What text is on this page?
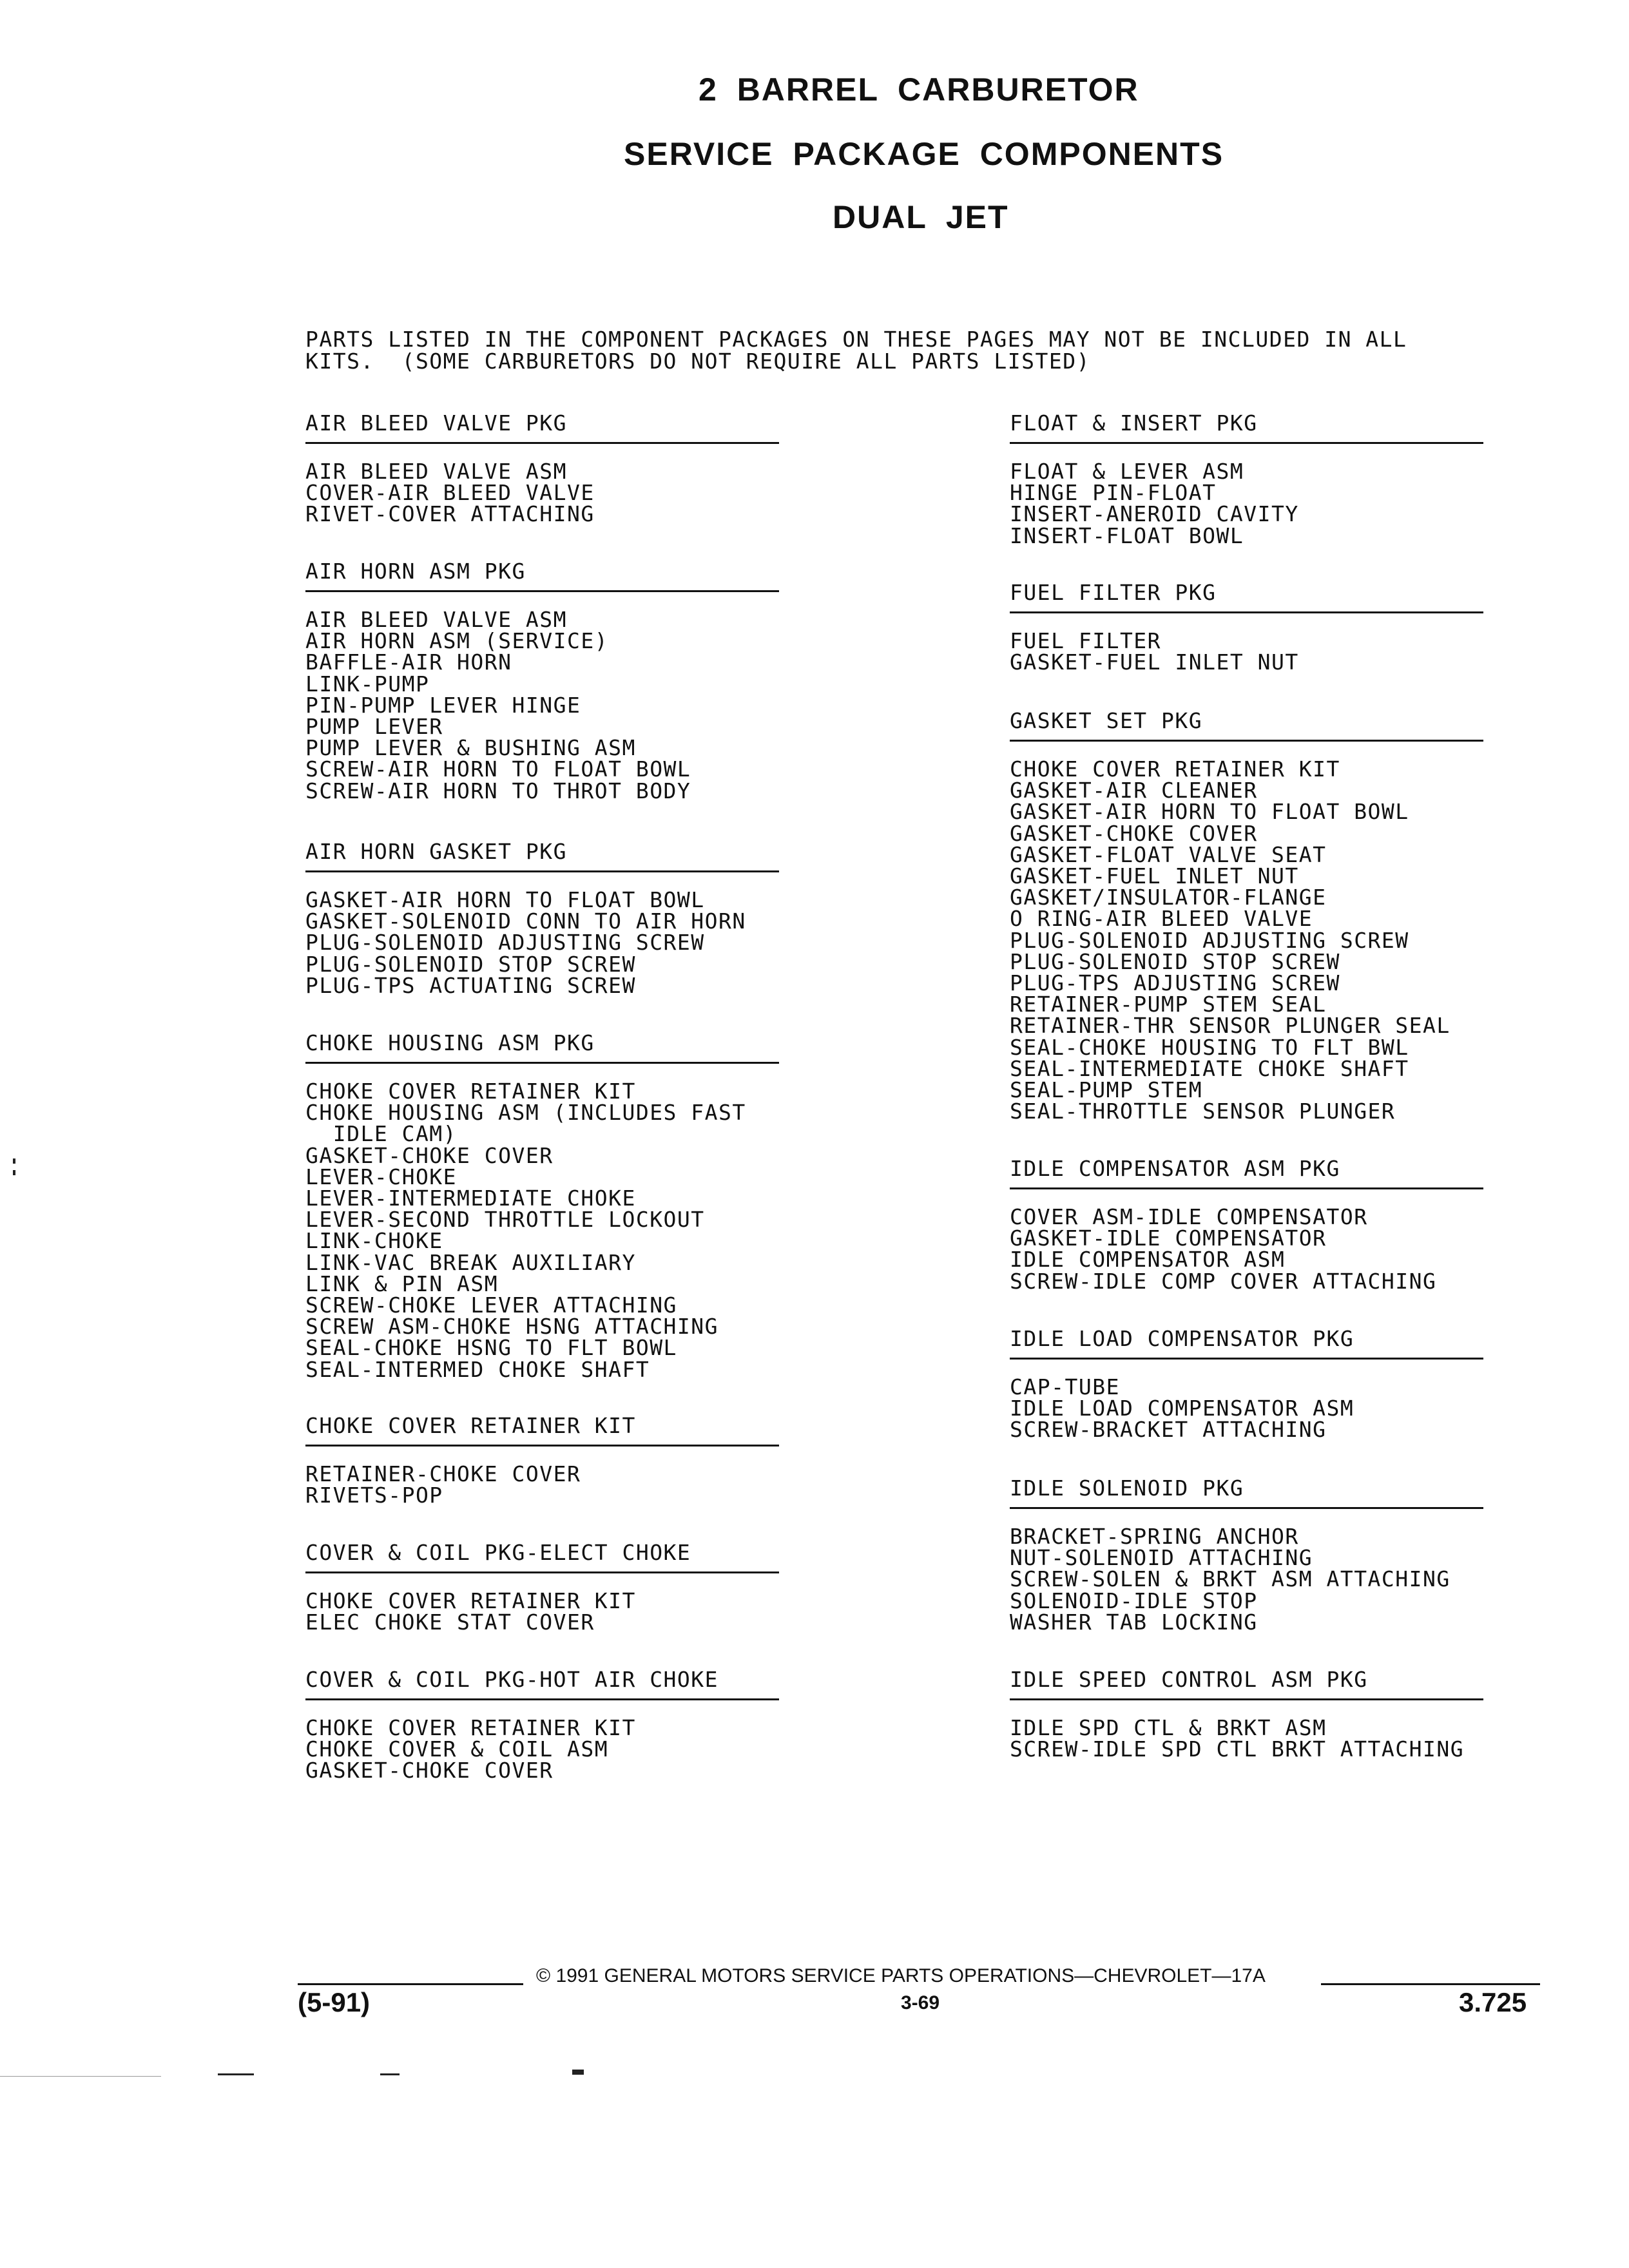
2 BARREL CARBURETOR
SERVICE PACKAGE COMPONENTS
DUAL JET
PARTS LISTED IN THE COMPONENT PACKAGES ON THESE PAGES MAY NOT BE INCLUDED IN ALL
KITS.  (SOME CARBURETORS DO NOT REQUIRE ALL PARTS LISTED)
AIR BLEED VALVE PKG
AIR BLEED VALVE ASM
COVER-AIR BLEED VALVE
RIVET-COVER ATTACHING
AIR HORN ASM PKG
AIR BLEED VALVE ASM
AIR HORN ASM (SERVICE)
BAFFLE-AIR HORN
LINK-PUMP
PIN-PUMP LEVER HINGE
PUMP LEVER
PUMP LEVER & BUSHING ASM
SCREW-AIR HORN TO FLOAT BOWL
SCREW-AIR HORN TO THROT BODY
AIR HORN GASKET PKG
GASKET-AIR HORN TO FLOAT BOWL
GASKET-SOLENOID CONN TO AIR HORN
PLUG-SOLENOID ADJUSTING SCREW
PLUG-SOLENOID STOP SCREW
PLUG-TPS ACTUATING SCREW
CHOKE HOUSING ASM PKG
CHOKE COVER RETAINER KIT
CHOKE HOUSING ASM (INCLUDES FAST
IDLE CAM)
GASKET-CHOKE COVER
LEVER-CHOKE
LEVER-INTERMEDIATE CHOKE
LEVER-SECOND THROTTLE LOCKOUT
LINK-CHOKE
LINK-VAC BREAK AUXILIARY
LINK & PIN ASM
SCREW-CHOKE LEVER ATTACHING
SCREW ASM-CHOKE HSNG ATTACHING
SEAL-CHOKE HSNG TO FLT BOWL
SEAL-INTERMED CHOKE SHAFT
CHOKE COVER RETAINER KIT
RETAINER-CHOKE COVER
RIVETS-POP
COVER & COIL PKG-ELECT CHOKE
CHOKE COVER RETAINER KIT
ELEC CHOKE STAT COVER
COVER & COIL PKG-HOT AIR CHOKE
CHOKE COVER RETAINER KIT
CHOKE COVER & COIL ASM
GASKET-CHOKE COVER
FLOAT & INSERT PKG
FLOAT & LEVER ASM
HINGE PIN-FLOAT
INSERT-ANEROID CAVITY
INSERT-FLOAT BOWL
FUEL FILTER PKG
FUEL FILTER
GASKET-FUEL INLET NUT
GASKET SET PKG
CHOKE COVER RETAINER KIT
GASKET-AIR CLEANER
GASKET-AIR HORN TO FLOAT BOWL
GASKET-CHOKE COVER
GASKET-FLOAT VALVE SEAT
GASKET-FUEL INLET NUT
GASKET/INSULATOR-FLANGE
O RING-AIR BLEED VALVE
PLUG-SOLENOID ADJUSTING SCREW
PLUG-SOLENOID STOP SCREW
PLUG-TPS ADJUSTING SCREW
RETAINER-PUMP STEM SEAL
RETAINER-THR SENSOR PLUNGER SEAL
SEAL-CHOKE HOUSING TO FLT BWL
SEAL-INTERMEDIATE CHOKE SHAFT
SEAL-PUMP STEM
SEAL-THROTTLE SENSOR PLUNGER
IDLE COMPENSATOR ASM PKG
COVER ASM-IDLE COMPENSATOR
GASKET-IDLE COMPENSATOR
IDLE COMPENSATOR ASM
SCREW-IDLE COMP COVER ATTACHING
IDLE LOAD COMPENSATOR PKG
CAP-TUBE
IDLE LOAD COMPENSATOR ASM
SCREW-BRACKET ATTACHING
IDLE SOLENOID PKG
BRACKET-SPRING ANCHOR
NUT-SOLENOID ATTACHING
SCREW-SOLEN & BRKT ASM ATTACHING
SOLENOID-IDLE STOP
WASHER TAB LOCKING
IDLE SPEED CONTROL ASM PKG
IDLE SPD CTL & BRKT ASM
SCREW-IDLE SPD CTL BRKT ATTACHING
© 1991 GENERAL MOTORS SERVICE PARTS OPERATIONS—CHEVROLET—17A
(5-91)	3-69	3.725
